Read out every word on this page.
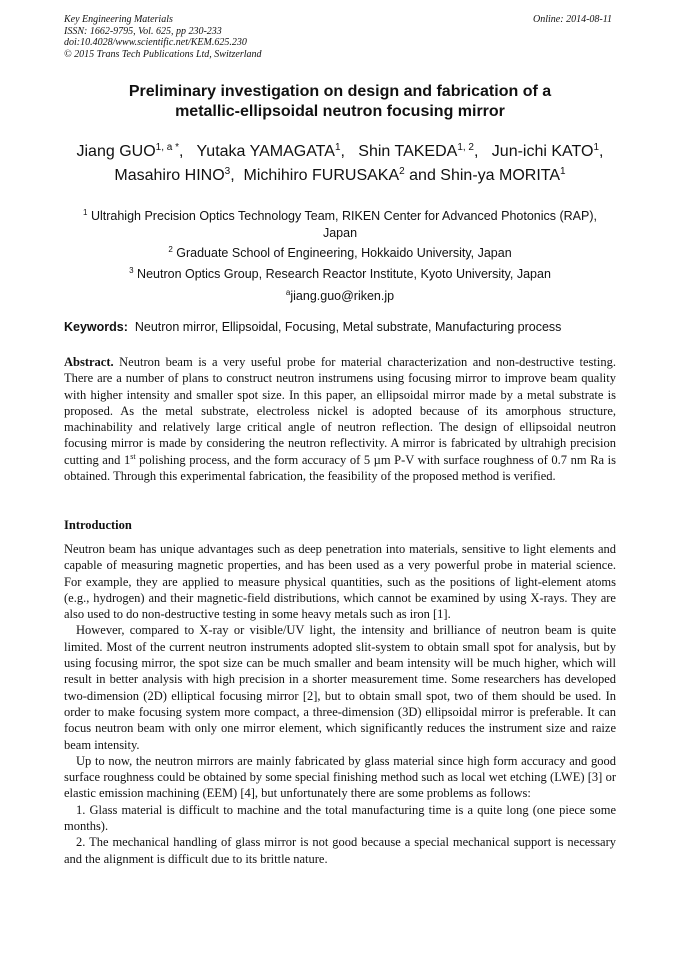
Key Engineering Materials
ISSN: 1662-9795, Vol. 625, pp 230-233
doi:10.4028/www.scientific.net/KEM.625.230
© 2015 Trans Tech Publications Ltd, Switzerland
Online: 2014-08-11
Preliminary investigation on design and fabrication of a
metallic-ellipsoidal neutron focusing mirror
Jiang $GUO^{1, a *}$,   Yutaka YAMAGATA$^1$,   Shin TAKEDA$^{1, 2}$,   Jun-ichi KATO$^1$,
Masahiro HINO$^3$,  Michihiro FURUSAKA$^2$ and Shin-ya MORITA$^1$
$^1$ Ultrahigh Precision Optics Technology Team, RIKEN Center for Advanced Photonics (RAP),
Japan
$^2$ Graduate School of Engineering, Hokkaido University, Japan
$^3$ Neutron Optics Group, Research Reactor Institute, Kyoto University, Japan
$^a$jiang.guo@riken.jp
Keywords: Neutron mirror, Ellipsoidal, Focusing, Metal substrate, Manufacturing process
Abstract. Neutron beam is a very useful probe for material characterization and non-destructive testing. There are a number of plans to construct neutron instrumens using focusing mirror to improve beam quality with higher intensity and smaller spot size. In this paper, an ellipsoidal mirror made by a metal substrate is proposed. As the metal substrate, electroless nickel is adopted because of its amorphous structure, machinability and relatively large critical angle of neutron reflection. The design of ellipsoidal neutron focusing mirror is made by considering the neutron reflectivity. A mirror is fabricated by ultrahigh precision cutting and 1st polishing process, and the form accuracy of 5 µm P-V with surface roughness of 0.7 nm Ra is obtained. Through this experimental fabrication, the feasibility of the proposed method is verified.
Introduction

Neutron beam has unique advantages such as deep penetration into materials, sensitive to light elements and capable of measuring magnetic properties, and has been used as a very powerful probe in material science. For example, they are applied to measure physical quantities, such as the positions of light-element atoms (e.g., hydrogen) and their magnetic-field distributions, which cannot be examined by using X-rays. They are also used to do non-destructive testing in some heavy metals such as iron [1].

However, compared to X-ray or visible/UV light, the intensity and brilliance of neutron beam is quite limited. Most of the current neutron instruments adopted slit-system to obtain small spot for analysis, but by using focusing mirror, the spot size can be much smaller and beam intensity will be much higher, which will result in better analysis with high precision in a shorter measurement time. Some researchers has developed two-dimension (2D) elliptical focusing mirror [2], but to obtain small spot, two of them should be used. In order to make focusing system more compact, a three-dimension (3D) ellipsoidal mirror is preferable. It can focus neutron beam with only one mirror element, which significantly reduces the instrument size and raize beam intensity.

Up to now, the neutron mirrors are mainly fabricated by glass material since high form accuracy and good surface roughness could be obtained by some special finishing method such as local wet etching (LWE) [3] or elastic emission machining (EEM) [4], but unfortunately there are some problems as follows:

1. Glass material is difficult to machine and the total manufacturing time is a quite long (one piece some months).

2. The mechanical handling of glass mirror is not good because a special mechanical support is necessary and the alignment is difficult due to its brittle nature.
